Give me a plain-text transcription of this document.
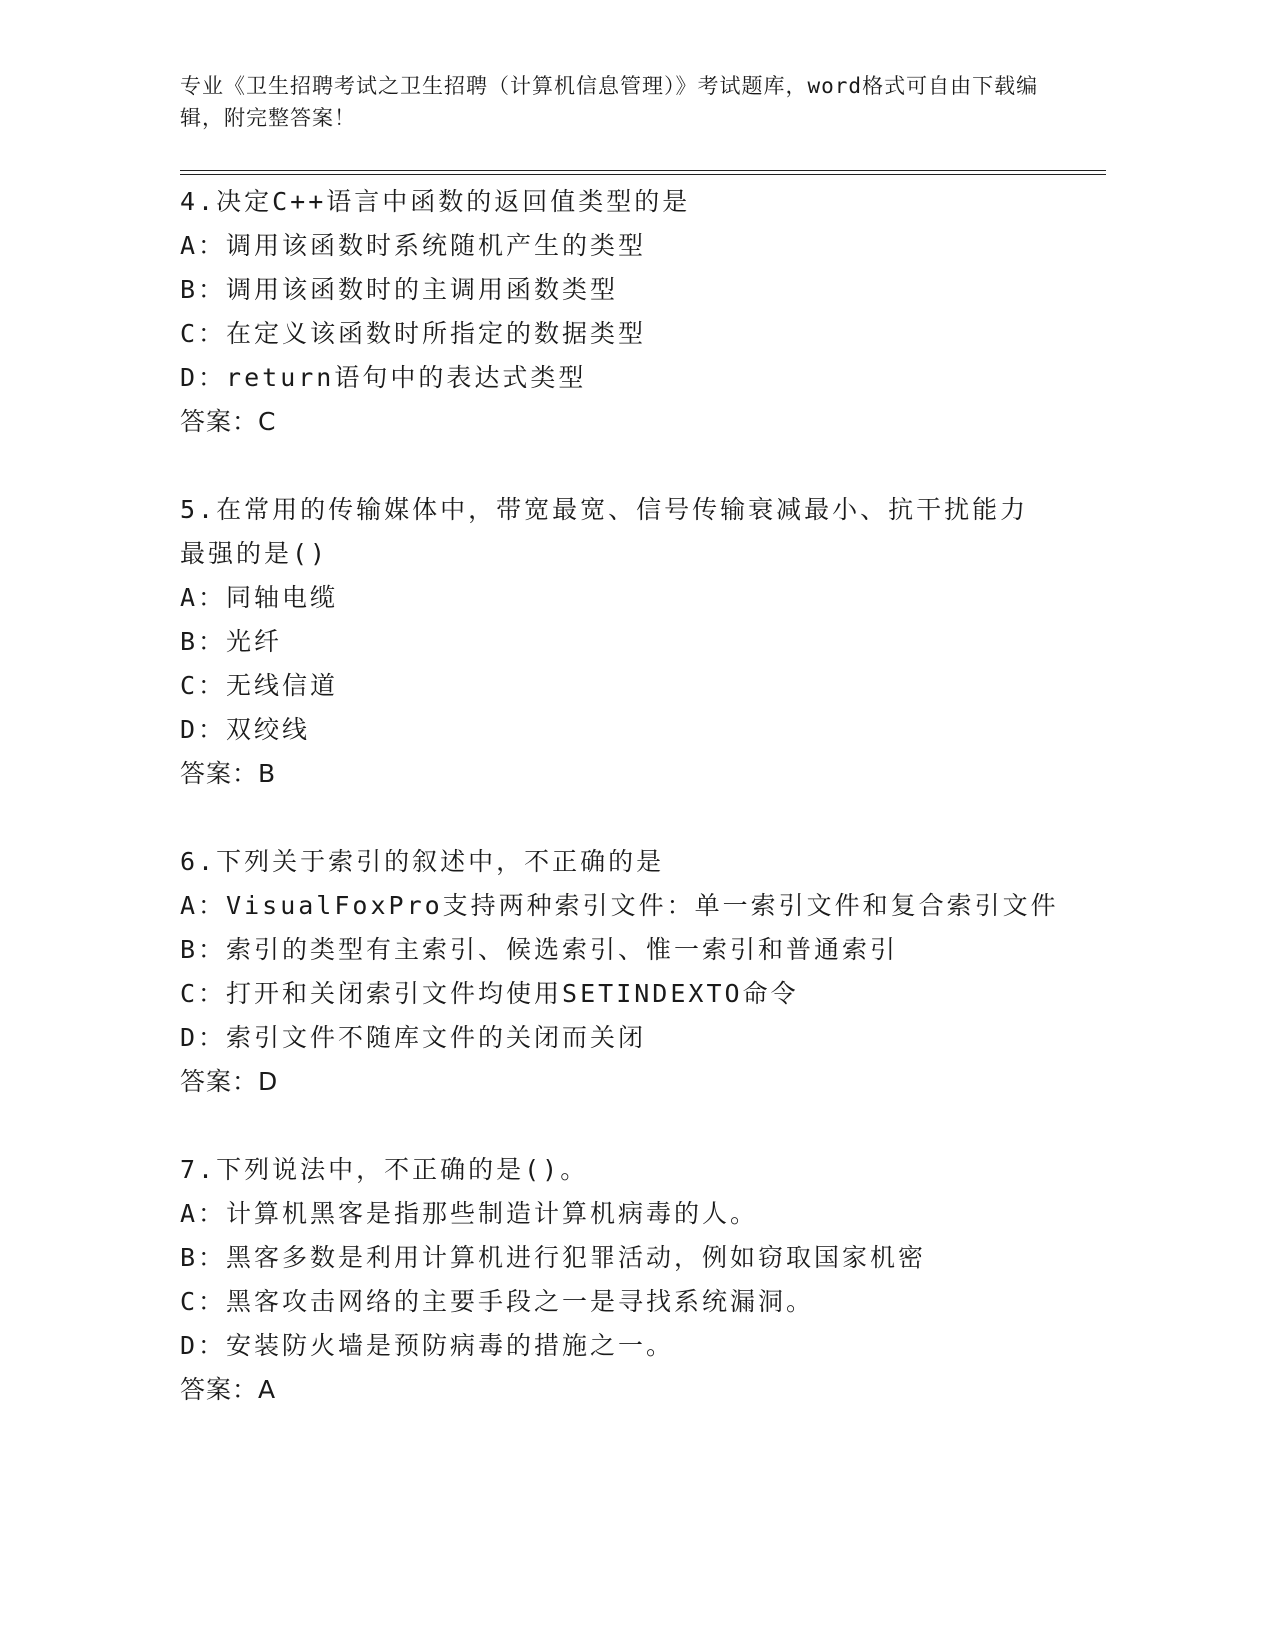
专业《卫生招聘考试之卫生招聘（计算机信息管理）》考试题库，word格式可自由下载编辑，附完整答案！

4.决定C++语言中函数的返回值类型的是

A：调用该函数时系统随机产生的类型

B：调用该函数时的主调用函数类型

C：在定义该函数时所指定的数据类型

D：return语句中的表达式类型

答案：C

5.在常用的传输媒体中，带宽最宽、信号传输衰减最小、抗干扰能力最强的是()

A：同轴电缆

B：光纤

C：无线信道

D：双绞线

答案：B

6.下列关于索引的叙述中，不正确的是

A：VisualFoxPro支持两种索引文件：单一索引文件和复合索引文件

B：索引的类型有主索引、候选索引、惟一索引和普通索引

C：打开和关闭索引文件均使用SETINDEXTO命令

D：索引文件不随库文件的关闭而关闭

答案：D

7.下列说法中，不正确的是()。

A：计算机黑客是指那些制造计算机病毒的人。

B：黑客多数是利用计算机进行犯罪活动，例如窃取国家机密

C：黑客攻击网络的主要手段之一是寻找系统漏洞。

D：安装防火墙是预防病毒的措施之一。

答案：A
